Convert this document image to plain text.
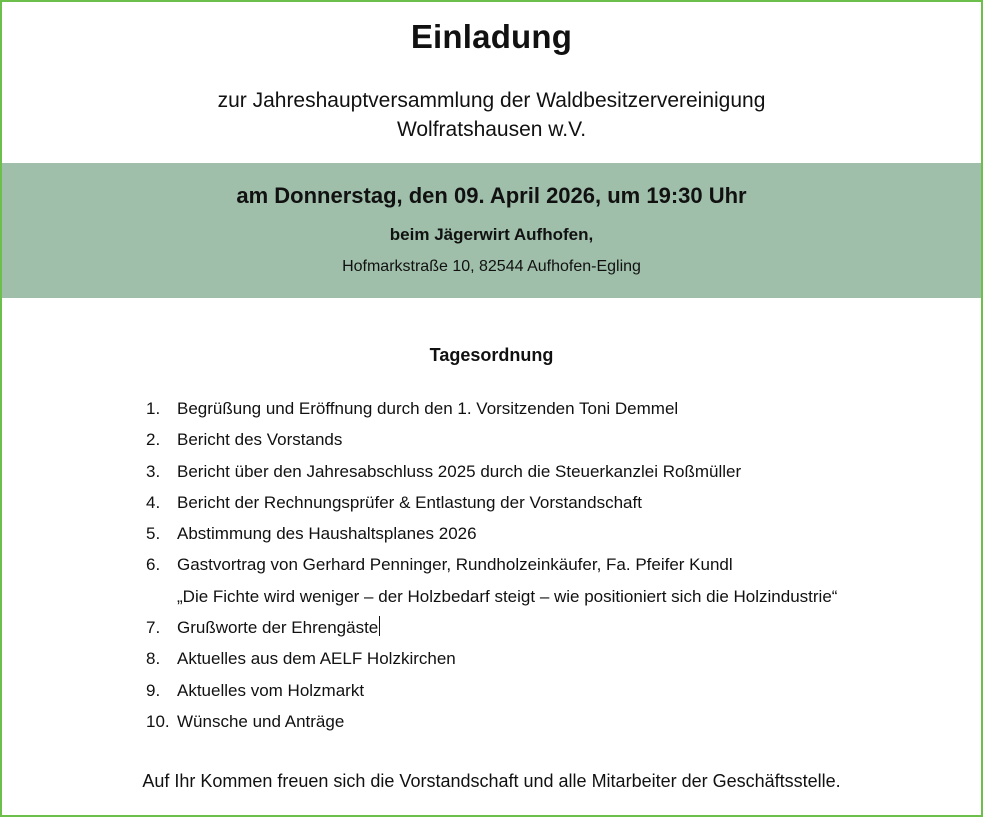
Einladung
zur Jahreshauptversammlung der Waldbesitzervereinigung
Wolfratshausen w.V.
am Donnerstag, den 09. April 2026, um 19:30 Uhr
beim Jägerwirt Aufhofen,
Hofmarkstraße 10, 82544 Aufhofen-Egling
Tagesordnung
1. Begrüßung und Eröffnung durch den 1. Vorsitzenden Toni Demmel
2. Bericht des Vorstands
3. Bericht über den Jahresabschluss 2025 durch die Steuerkanzlei Roßmüller
4. Bericht der Rechnungsprüfer & Entlastung der Vorstandschaft
5. Abstimmung des Haushaltsplanes 2026
6. Gastvortrag von Gerhard Penninger, Rundholzeinkäufer, Fa. Pfeifer Kundl
„Die Fichte wird weniger – der Holzbedarf steigt – wie positioniert sich die Holzindustrie“
7. Grußworte der Ehrengäste
8. Aktuelles aus dem AELF Holzkirchen
9. Aktuelles vom Holzmarkt
10. Wünsche und Anträge
Auf Ihr Kommen freuen sich die Vorstandschaft und alle Mitarbeiter der Geschäftsstelle.
